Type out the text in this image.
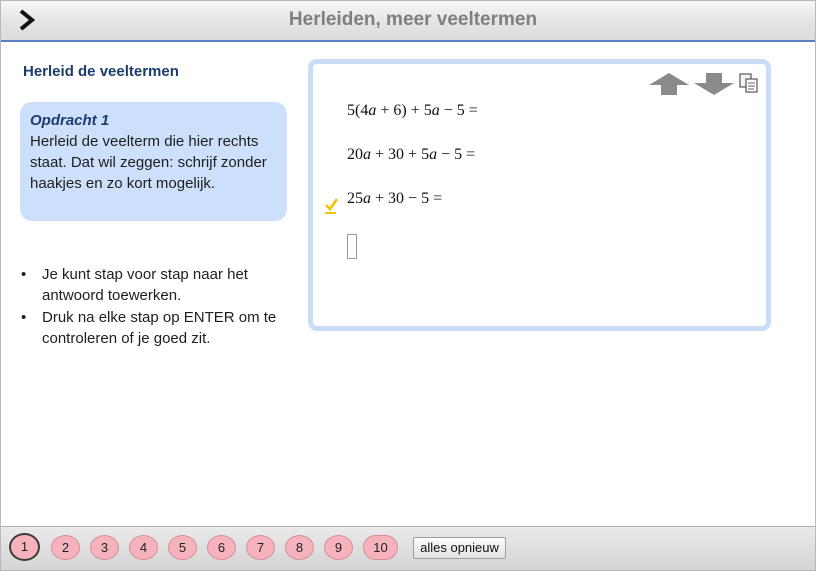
Herleiden, meer veeltermen
Herleid de veeltermen
Opdracht 1
Herleid de veelterm die hier rechts staat. Dat wil zeggen: schrijf zonder haakjes en zo kort mogelijk.
• Je kunt stap voor stap naar het antwoord toewerken.
• Druk na elke stap op ENTER om te controleren of je goed zit.
5(4a + 6) + 5a − 5 =
20a + 30 + 5a − 5 =
25a + 30 − 5 =
1	2	3	4	5	6	7	8	9	10	alles opnieuw
